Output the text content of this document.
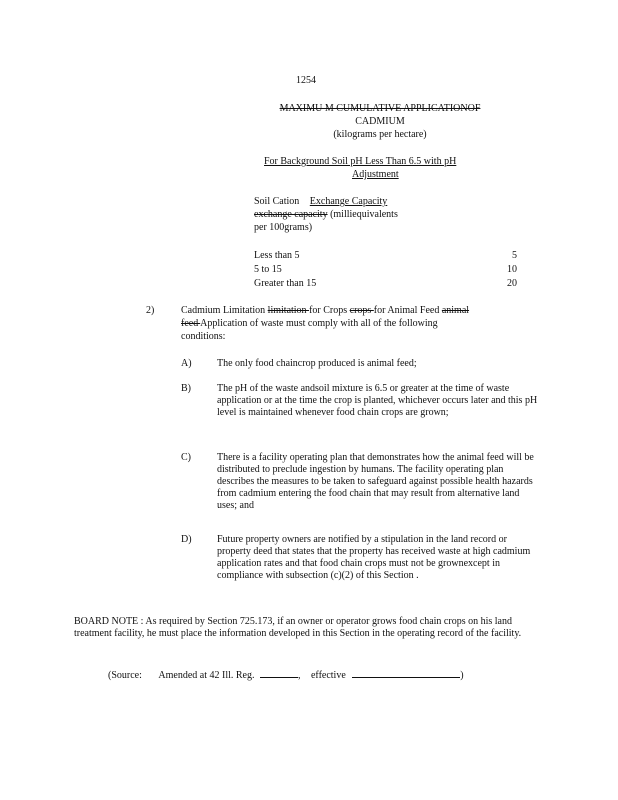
1254
MAXIMU M CUMULATIVE APPLICATIONOF
CADMIUM
(kilograms per hectare)
For Background Soil pH Less Than 6.5 with pH
Adjustment
Soil Cation Exchange Capacity
exchange capacity (milliequivalents
per 100grams)
Less than 5	5
5 to 15	10
Greater than 15	20
2)	Cadmium Limitation limitation for Crops crops for Animal Feed animal
feed Application of waste must comply with all of the following
conditions:
A)	The only food chaincrop produced is animal feed;
B)	The pH of the waste andsoil mixture is 6.5 or greater at the time of waste application or at the time the crop is planted, whichever occurs later and this pH level is maintained whenever food chain crops are grown;
C)	There is a facility operating plan that demonstrates how the animal feed will be distributed to preclude ingestion by humans. The facility operating plan describes the measures to be taken to safeguard against possible health hazards from cadmium entering the food chain that may result from alternative land uses; and
D)	Future property owners are notified by a stipulation in the land record or property deed that states that the property has received waste at high cadmium application rates and that food chain crops must not be grownexcept in compliance with subsection (c)(2) of this Section .
BOARD NOTE : As required by Section 725.173, if an owner or operator grows food chain crops on his land treatment facility, he must place the information developed in this Section in the operating record of the facility.
(Source: Amended at 42 Ill. Reg.	, effective	)
